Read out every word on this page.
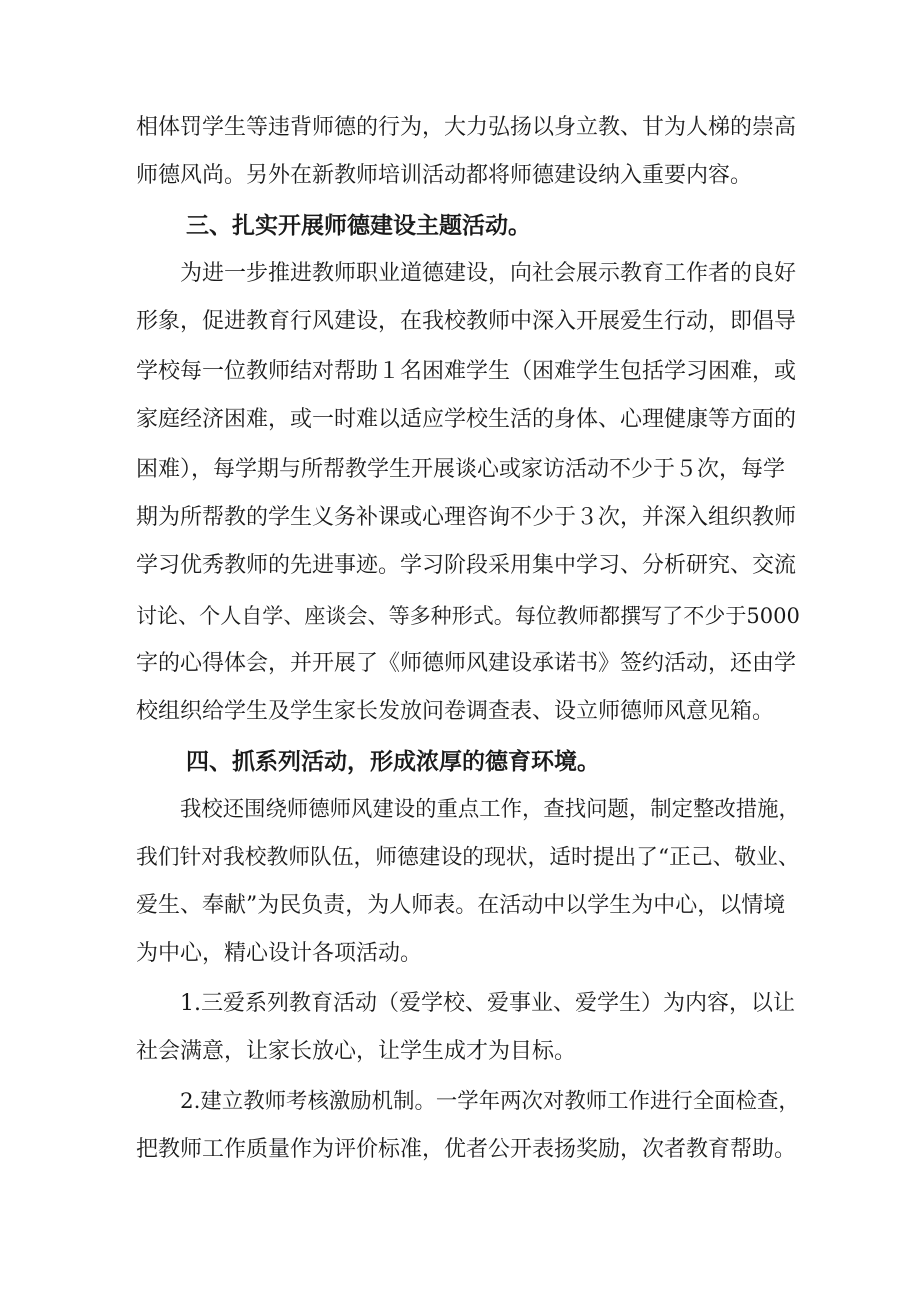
相体罚学生等违背师德的行为，大力弘扬以身立教、甘为人梯的崇高
师德风尚。另外在新教师培训活动都将师德建设纳入重要内容。
三、扎实开展师德建设主题活动。
为进一步推进教师职业道德建设，向社会展示教育工作者的良好
形象，促进教育行风建设，在我校教师中深入开展爱生行动，即倡导
学校每一位教师结对帮助１名困难学生（困难学生包括学习困难，或
家庭经济困难，或一时难以适应学校生活的身体、心理健康等方面的
困难），每学期与所帮教学生开展谈心或家访活动不少于５次，每学
期为所帮教的学生义务补课或心理咨询不少于３次，并深入组织教师
学习优秀教师的先进事迹。学习阶段采用集中学习、分析研究、交流
讨论、个人自学、座谈会、等多种形式。每位教师都撰写了不少于5000
字的心得体会，并开展了《师德师风建设承诺书》签约活动，还由学
校组织给学生及学生家长发放问卷调查表、设立师德师风意见箱。
四、抓系列活动，形成浓厚的德育环境。
我校还围绕师德师风建设的重点工作，查找问题，制定整改措施，
我们针对我校教师队伍，师德建设的现状，适时提出了“正己、敬业、
爱生、奉献”为民负责，为人师表。在活动中以学生为中心，以情境
为中心，精心设计各项活动。
1.三爱系列教育活动（爱学校、爱事业、爱学生）为内容，以让
社会满意，让家长放心，让学生成才为目标。
2.建立教师考核激励机制。一学年两次对教师工作进行全面检查，
把教师工作质量作为评价标准，优者公开表扬奖励，次者教育帮助。
